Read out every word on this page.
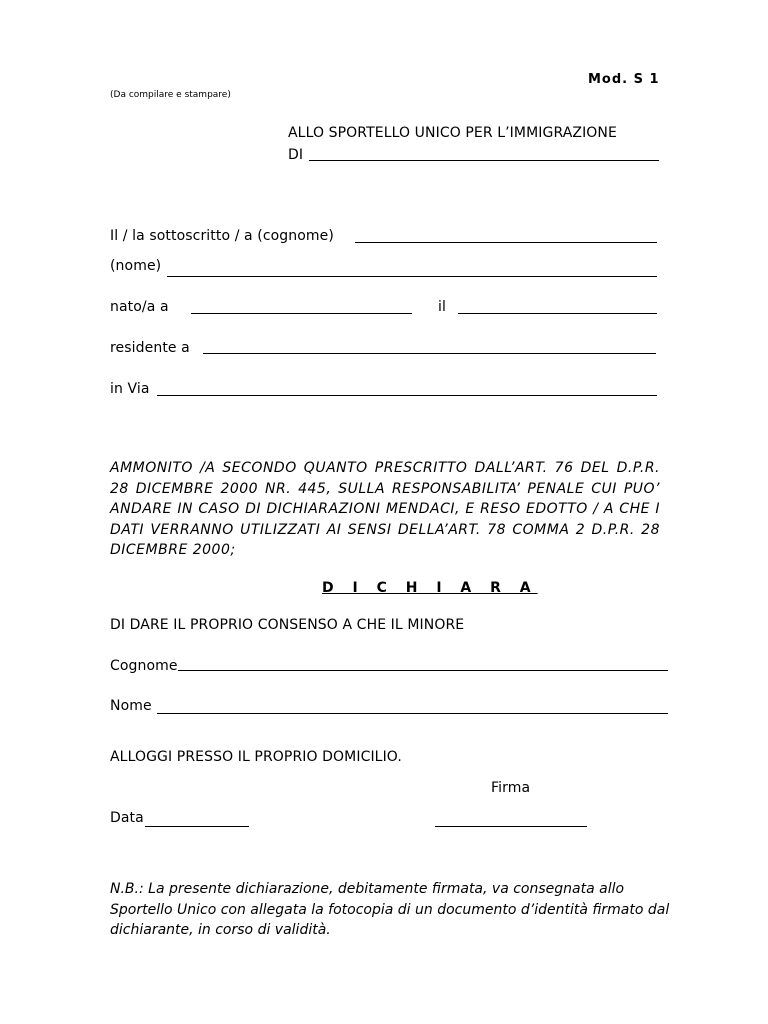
Mod. S 1
(Da compilare e stampare)
ALLO SPORTELLO UNICO PER L’IMMIGRAZIONE
DI
Il / la sottoscritto / a (cognome)
(nome)
nato/a a	il
residente a
in Via
AMMONITO /A SECONDO QUANTO PRESCRITTO DALL’ART. 76 DEL D.P.R. 28 DICEMBRE 2000 NR. 445, SULLA RESPONSABILITA’ PENALE CUI PUO’ ANDARE IN CASO DI DICHIARAZIONI MENDACI, E RESO EDOTTO / A CHE I DATI VERRANNO UTILIZZATI AI SENSI DELLA’ART. 78 COMMA 2 D.P.R. 28 DICEMBRE 2000;
D I C H I A R A
DI DARE IL PROPRIO CONSENSO A CHE IL MINORE
Cognome
Nome
ALLOGGI PRESSO IL PROPRIO DOMICILIO.
Firma
Data
N.B.: La presente dichiarazione, debitamente firmata, va consegnata allo Sportello Unico con allegata la fotocopia di un documento d’identità firmato dal dichiarante, in corso di validità.
